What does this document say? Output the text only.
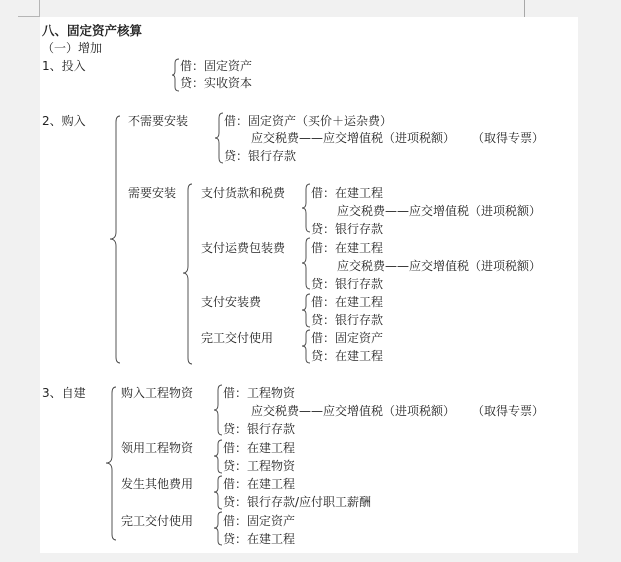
八、固定资产核算
（一）增加
1、投入	借：固定资产
贷：实收资本
2、购入	不需要安装	借：固定资产（买价＋运杂费）
应交税费——应交增值税（进项税额） （取得专票）
贷：银行存款
需要安装 支付货款和税费 借：在建工程
应交税费——应交增值税（进项税额）
贷：银行存款
支付运费包装费 借：在建工程
应交税费——应交增值税（进项税额）
贷：银行存款
支付安装费	借：在建工程
贷：银行存款
完工交付使用	借：固定资产
贷：在建工程
3、自建	购入工程物资 借：工程物资
应交税费——应交增值税（进项税额） （取得专票）
贷：银行存款
领用工程物资 借：在建工程
贷：工程物资
发生其他费用 借：在建工程
贷：银行存款/应付职工薪酬
完工交付使用 借：固定资产
贷：在建工程
